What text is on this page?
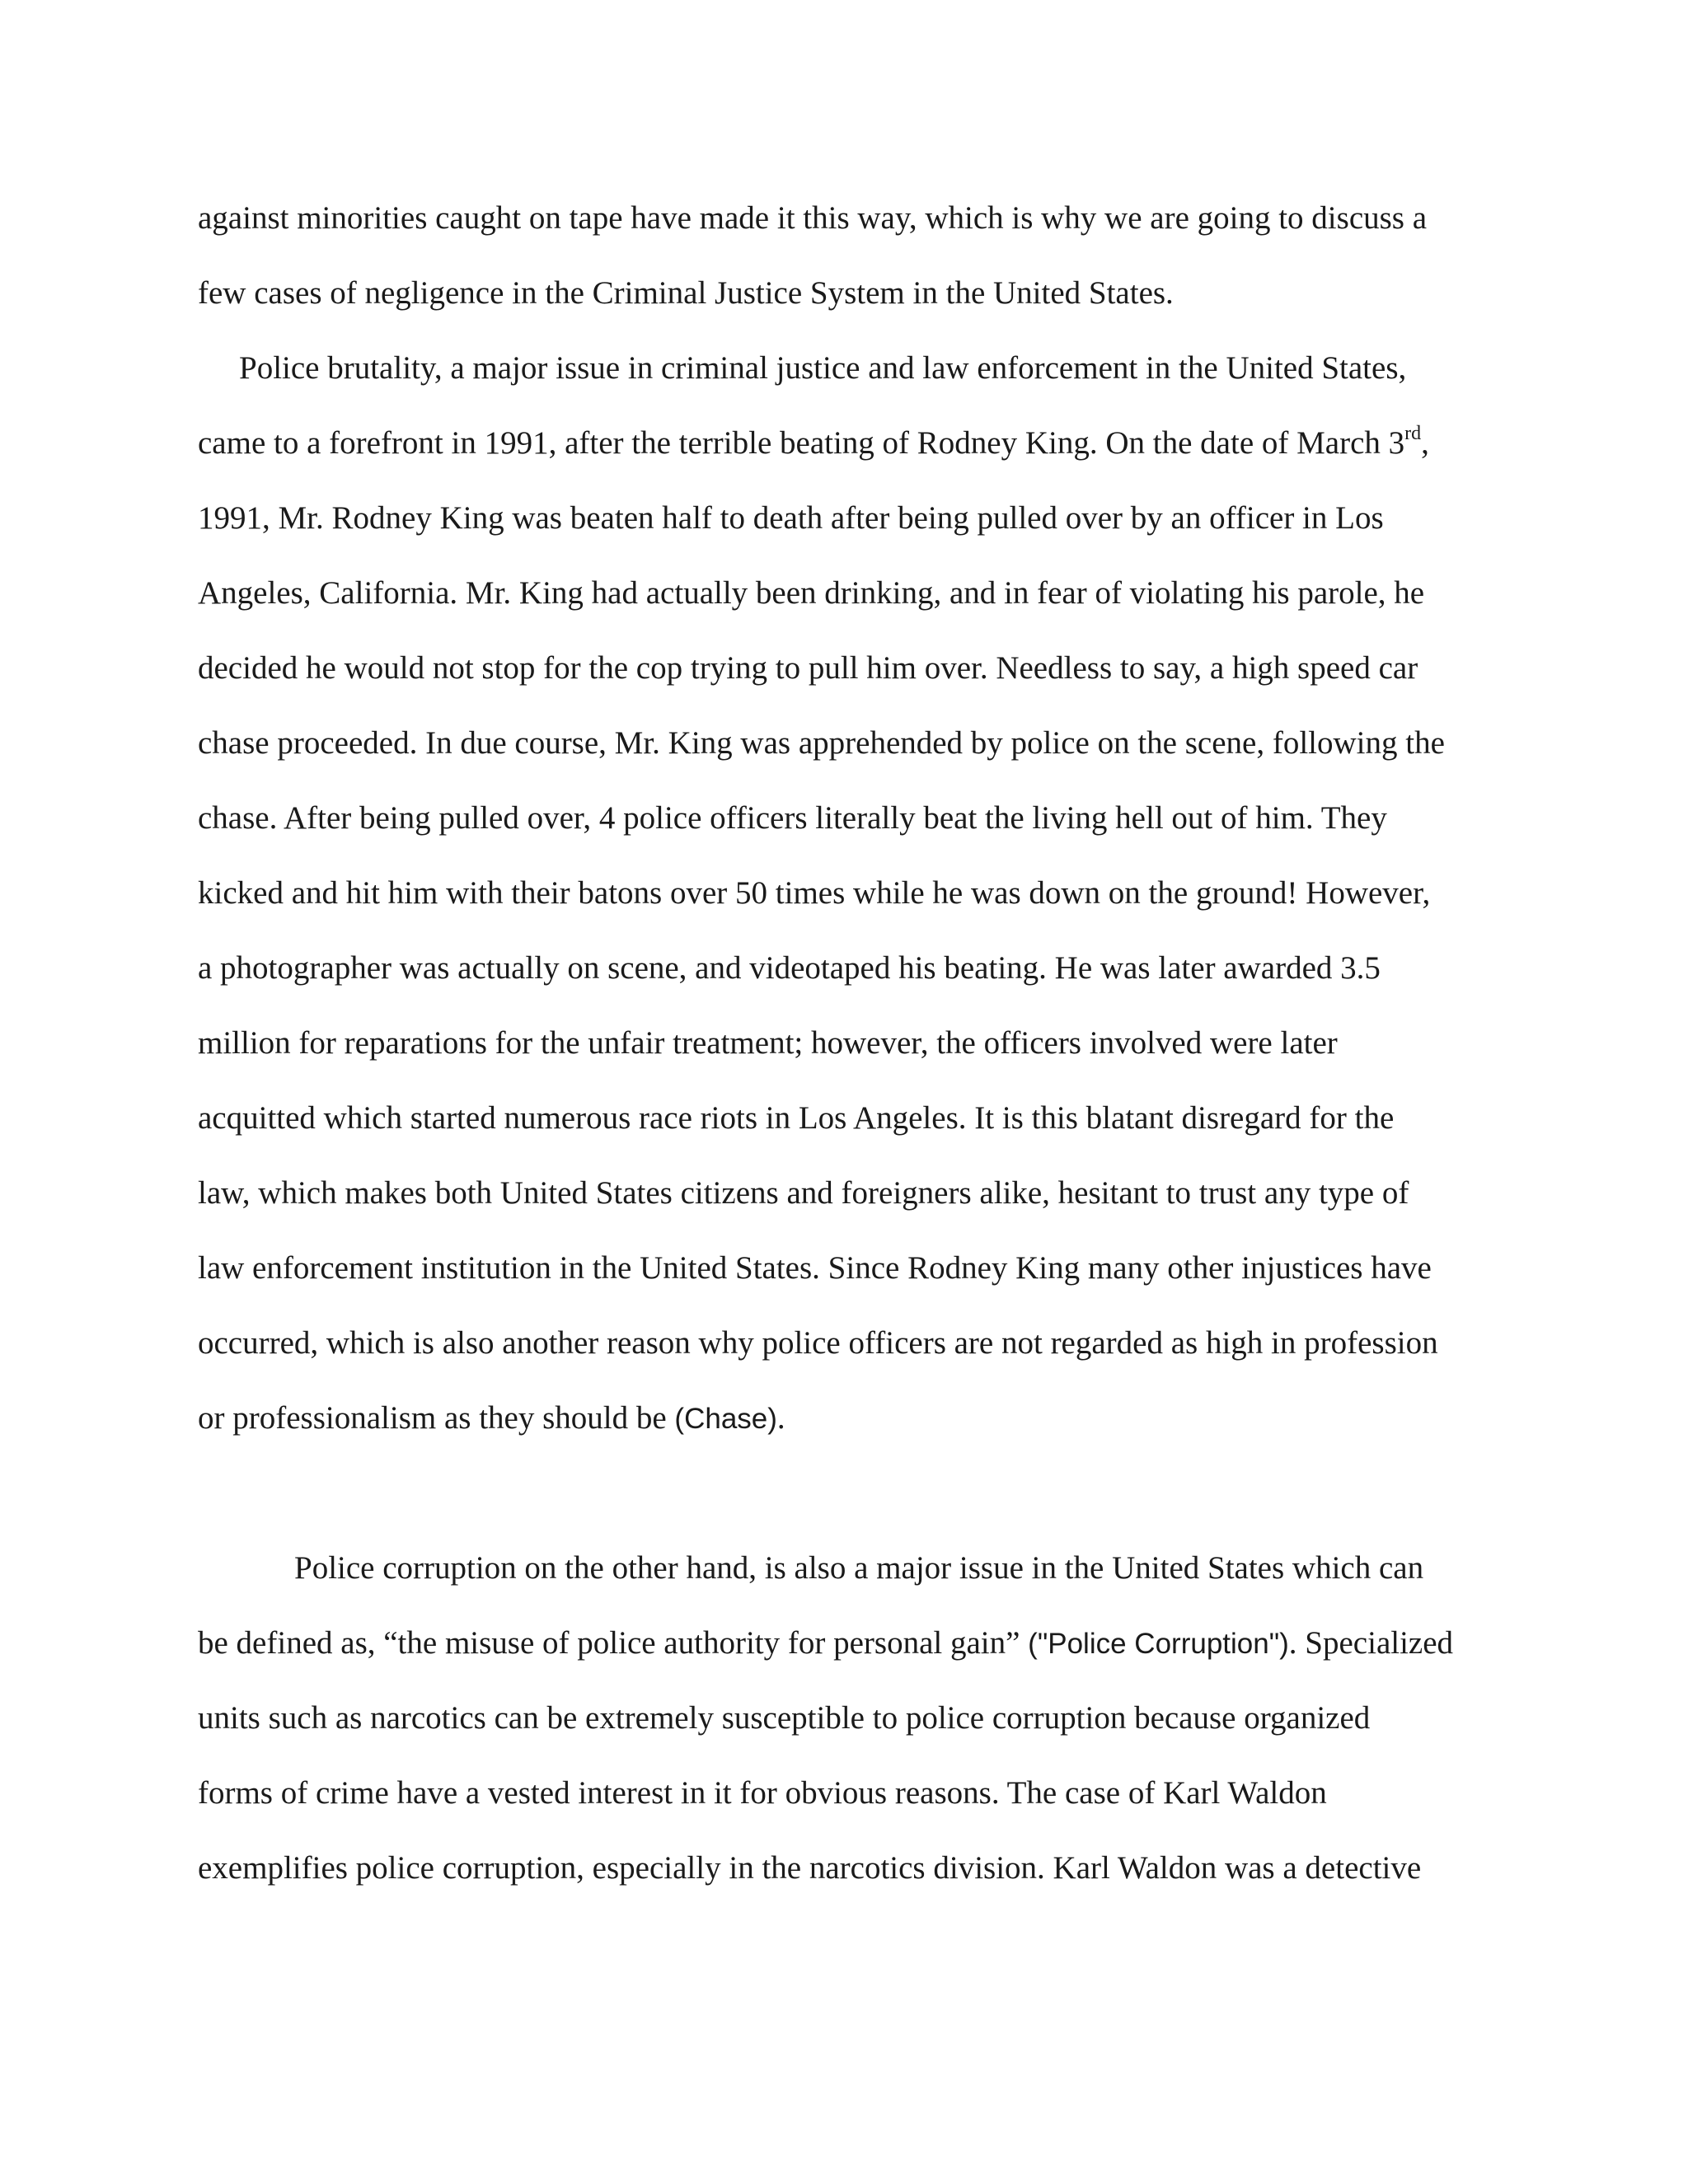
against minorities caught on tape have made it this way, which is why we are going to discuss a
few cases of negligence in the Criminal Justice System in the United States.
Police brutality, a major issue in criminal justice and law enforcement in the United States,
came to a forefront in 1991, after the terrible beating of Rodney King. On the date of March 3rd,
1991, Mr. Rodney King was beaten half to death after being pulled over by an officer in Los
Angeles, California. Mr. King had actually been drinking, and in fear of violating his parole, he
decided he would not stop for the cop trying to pull him over. Needless to say, a high speed car
chase proceeded. In due course, Mr. King was apprehended by police on the scene, following the
chase. After being pulled over, 4 police officers literally beat the living hell out of him. They
kicked and hit him with their batons over 50 times while he was down on the ground! However,
a photographer was actually on scene, and videotaped his beating. He was later awarded 3.5
million for reparations for the unfair treatment; however, the officers involved were later
acquitted which started numerous race riots in Los Angeles. It is this blatant disregard for the
law, which makes both United States citizens and foreigners alike, hesitant to trust any type of
law enforcement institution in the United States. Since Rodney King many other injustices have
occurred, which is also another reason why police officers are not regarded as high in profession
or professionalism as they should be (Chase).
Police corruption on the other hand, is also a major issue in the United States which can
be defined as, “the misuse of police authority for personal gain” ("Police Corruption"). Specialized
units such as narcotics can be extremely susceptible to police corruption because organized
forms of crime have a vested interest in it for obvious reasons. The case of Karl Waldon
exemplifies police corruption, especially in the narcotics division. Karl Waldon was a detective
